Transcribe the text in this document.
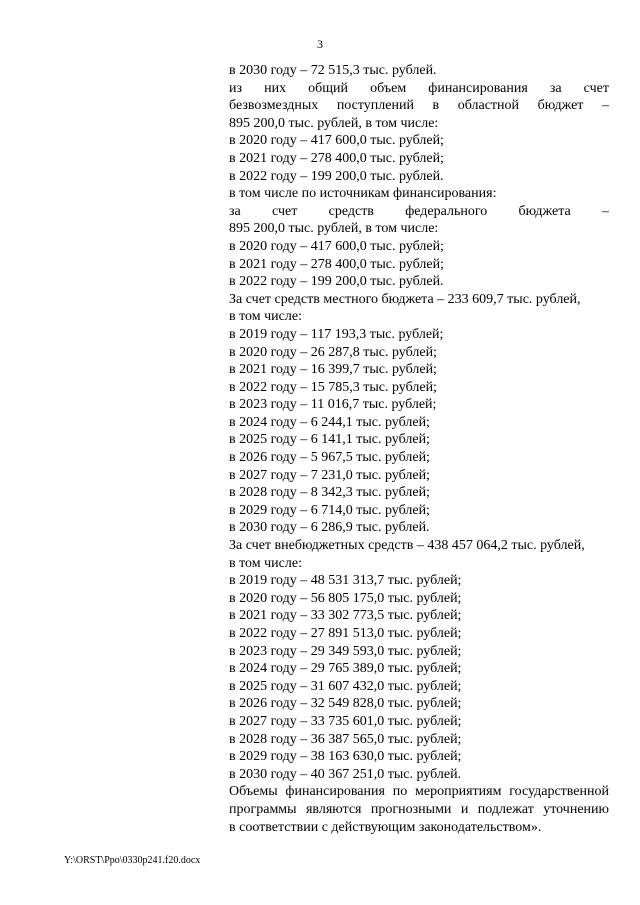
3

в 2030 году – 72 515,3 тыс. рублей.

из них общий объем финансирования за счет

безвозмездных поступлений в областной бюджет –

895 200,0 тыс. рублей, в том числе:

в 2020 году – 417 600,0 тыс. рублей;

в 2021 году – 278 400,0 тыс. рублей;

в 2022 году – 199 200,0 тыс. рублей.

в том числе по источникам финансирования:

за счет средств федерального бюджета –

895 200,0 тыс. рублей, в том числе:

в 2020 году – 417 600,0 тыс. рублей;

в 2021 году – 278 400,0 тыс. рублей;

в 2022 году – 199 200,0 тыс. рублей.

За счет средств местного бюджета – 233 609,7 тыс. рублей,

в том числе:

в 2019 году – 117 193,3 тыс. рублей;

в 2020 году – 26 287,8 тыс. рублей;

в 2021 году – 16 399,7 тыс. рублей;

в 2022 году – 15 785,3 тыс. рублей;

в 2023 году – 11 016,7 тыс. рублей;

в 2024 году – 6 244,1 тыс. рублей;

в 2025 году – 6 141,1 тыс. рублей;

в 2026 году – 5 967,5 тыс. рублей;

в 2027 году – 7 231,0 тыс. рублей;

в 2028 году – 8 342,3 тыс. рублей;

в 2029 году – 6 714,0 тыс. рублей;

в 2030 году – 6 286,9 тыс. рублей.

За счет внебюджетных средств – 438 457 064,2 тыс. рублей,

в том числе:

в 2019 году – 48 531 313,7 тыс. рублей;

в 2020 году – 56 805 175,0 тыс. рублей;

в 2021 году – 33 302 773,5 тыс. рублей;

в 2022 году – 27 891 513,0 тыс. рублей;

в 2023 году – 29 349 593,0 тыс. рублей;

в 2024 году – 29 765 389,0 тыс. рублей;

в 2025 году – 31 607 432,0 тыс. рублей;

в 2026 году – 32 549 828,0 тыс. рублей;

в 2027 году – 33 735 601,0 тыс. рублей;

в 2028 году – 36 387 565,0 тыс. рублей;

в 2029 году – 38 163 630,0 тыс. рублей;

в 2030 году – 40 367 251,0 тыс. рублей.

Объемы финансирования по мероприятиям государственной

программы являются прогнозными и подлежат уточнению

в соответствии с действующим законодательством».

Y:\ORST\Ppo\0330p241.f20.docx
